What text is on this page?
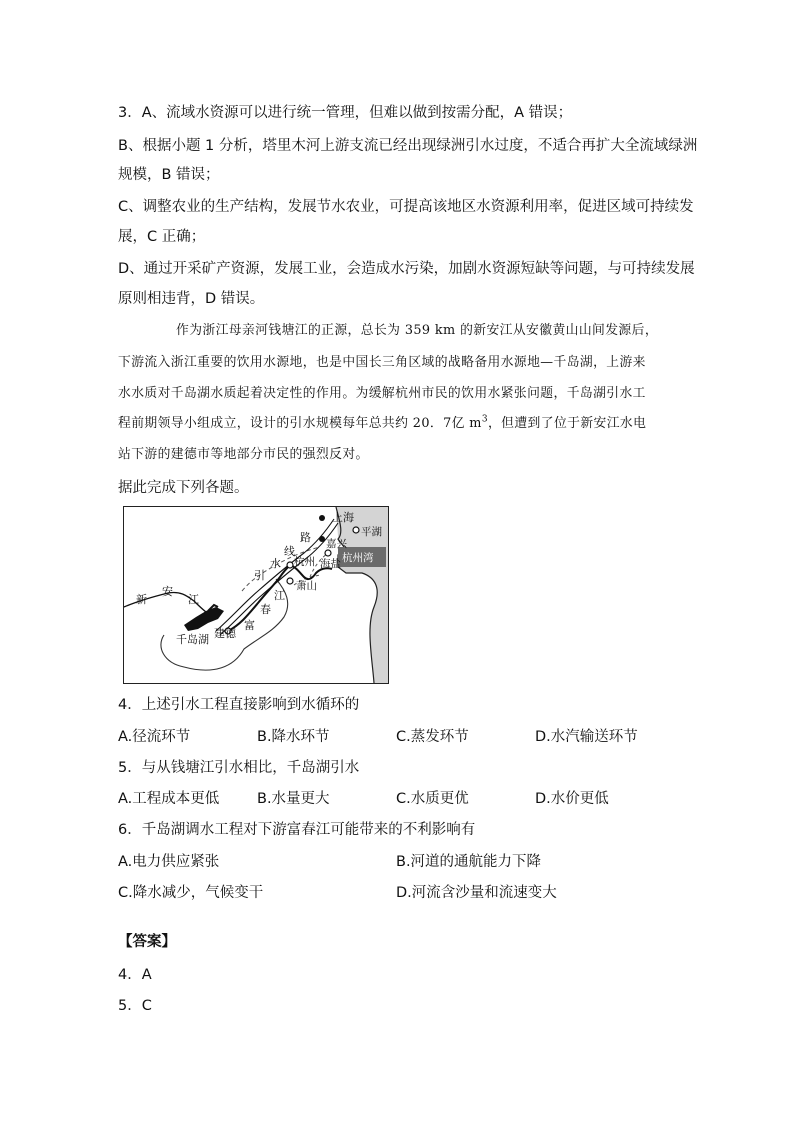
3．A、流域水资源可以进行统一管理，但难以做到按需分配，A 错误；
B、根据小题 1 分析，塔里木河上游支流已经出现绿洲引水过度，不适合再扩大全流域绿洲
规模，B 错误；
C、调整农业的生产结构，发展节水农业，可提高该地区水资源利用率，促进区域可持续发
展，C 正确；
D、通过开采矿产资源，发展工业，会造成水污染，加剧水资源短缺等问题，与可持续发展
原则相违背，D 错误。
作为浙江母亲河钱塘江的正源，总长为 359 km 的新安江从安徽黄山山间发源后，
下游流入浙江重要的饮用水源地，也是中国长三角区域的战略备用水源地—千岛湖，上游来
水水质对千岛湖水质起着决定性的作用。为缓解杭州市民的饮用水紧张问题，千岛湖引水工
程前期领导小组成立，设计的引水规模每年总共约 20．7亿 $m^3$，但遭到了位于新安江水电
站下游的建德市等地部分市民的强烈反对。
据此完成下列各题。
上海
平湖
嘉兴
杭州湾
杭州 海盐
萧山
千岛湖 建德
引
水
线
路
新
安
江	江
春
富
4．上述引水工程直接影响到水循环的
A.径流环节	B.降水环节	C.蒸发环节	D.水汽输送环节
5．与从钱塘江引水相比，千岛湖引水
A.工程成本更低	B.水量更大	C.水质更优	D.水价更低
6．千岛湖调水工程对下游富春江可能带来的不利影响有
A.电力供应紧张	B.河道的通航能力下降
C.降水减少，气候变干	D.河流含沙量和流速变大
【答案】
4．A
5．C
